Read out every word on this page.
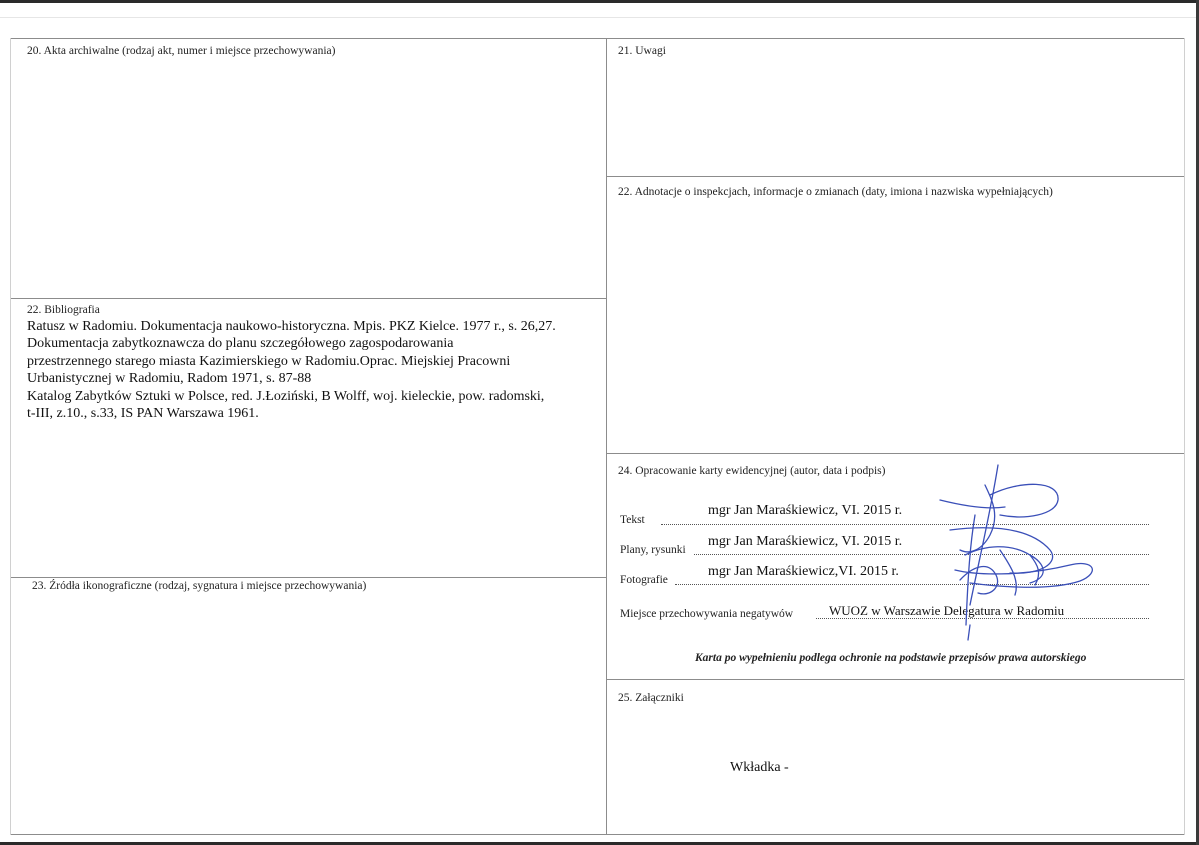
20. Akta archiwalne (rodzaj akt, numer i miejsce przechowywania)	21. Uwagi
22. Adnotacje o inspekcjach, informacje o zmianach (daty, imiona i nazwiska wypełniających)
22. Bibliografia
Ratusz w Radomiu. Dokumentacja naukowo-historyczna. Mpis. PKZ Kielce. 1977 r., s. 26,27.
Dokumentacja zabytkoznawcza do planu szczegółowego zagospodarowania
przestrzennego starego miasta Kazimierskiego w Radomiu.Oprac. Miejskiej Pracowni
Urbanistycznej w Radomiu, Radom 1971, s. 87-88
Katalog Zabytków Sztuki w Polsce, red. J.Łoziński, B Wolff, woj. kieleckie, pow. radomski,
t-III, z.10., s.33, IS PAN Warszawa 1961.
23. Źródła ikonograficzne (rodzaj, sygnatura i miejsce przechowywania)
24. Opracowanie karty ewidencyjnej (autor, data i podpis)
Tekst
mgr Jan Maraśkiewicz, VI. 2015 r.
Plany, rysunki
mgr Jan Maraśkiewicz, VI. 2015 r.
Fotografie
mgr Jan Maraśkiewicz,VI. 2015 r.
Miejsce przechowywania negatywów	WUOZ w Warszawie Delegatura w Radomiu
Karta po wypełnieniu podlega ochronie na podstawie przepisów prawa autorskiego
25. Załączniki
Wkładka -
